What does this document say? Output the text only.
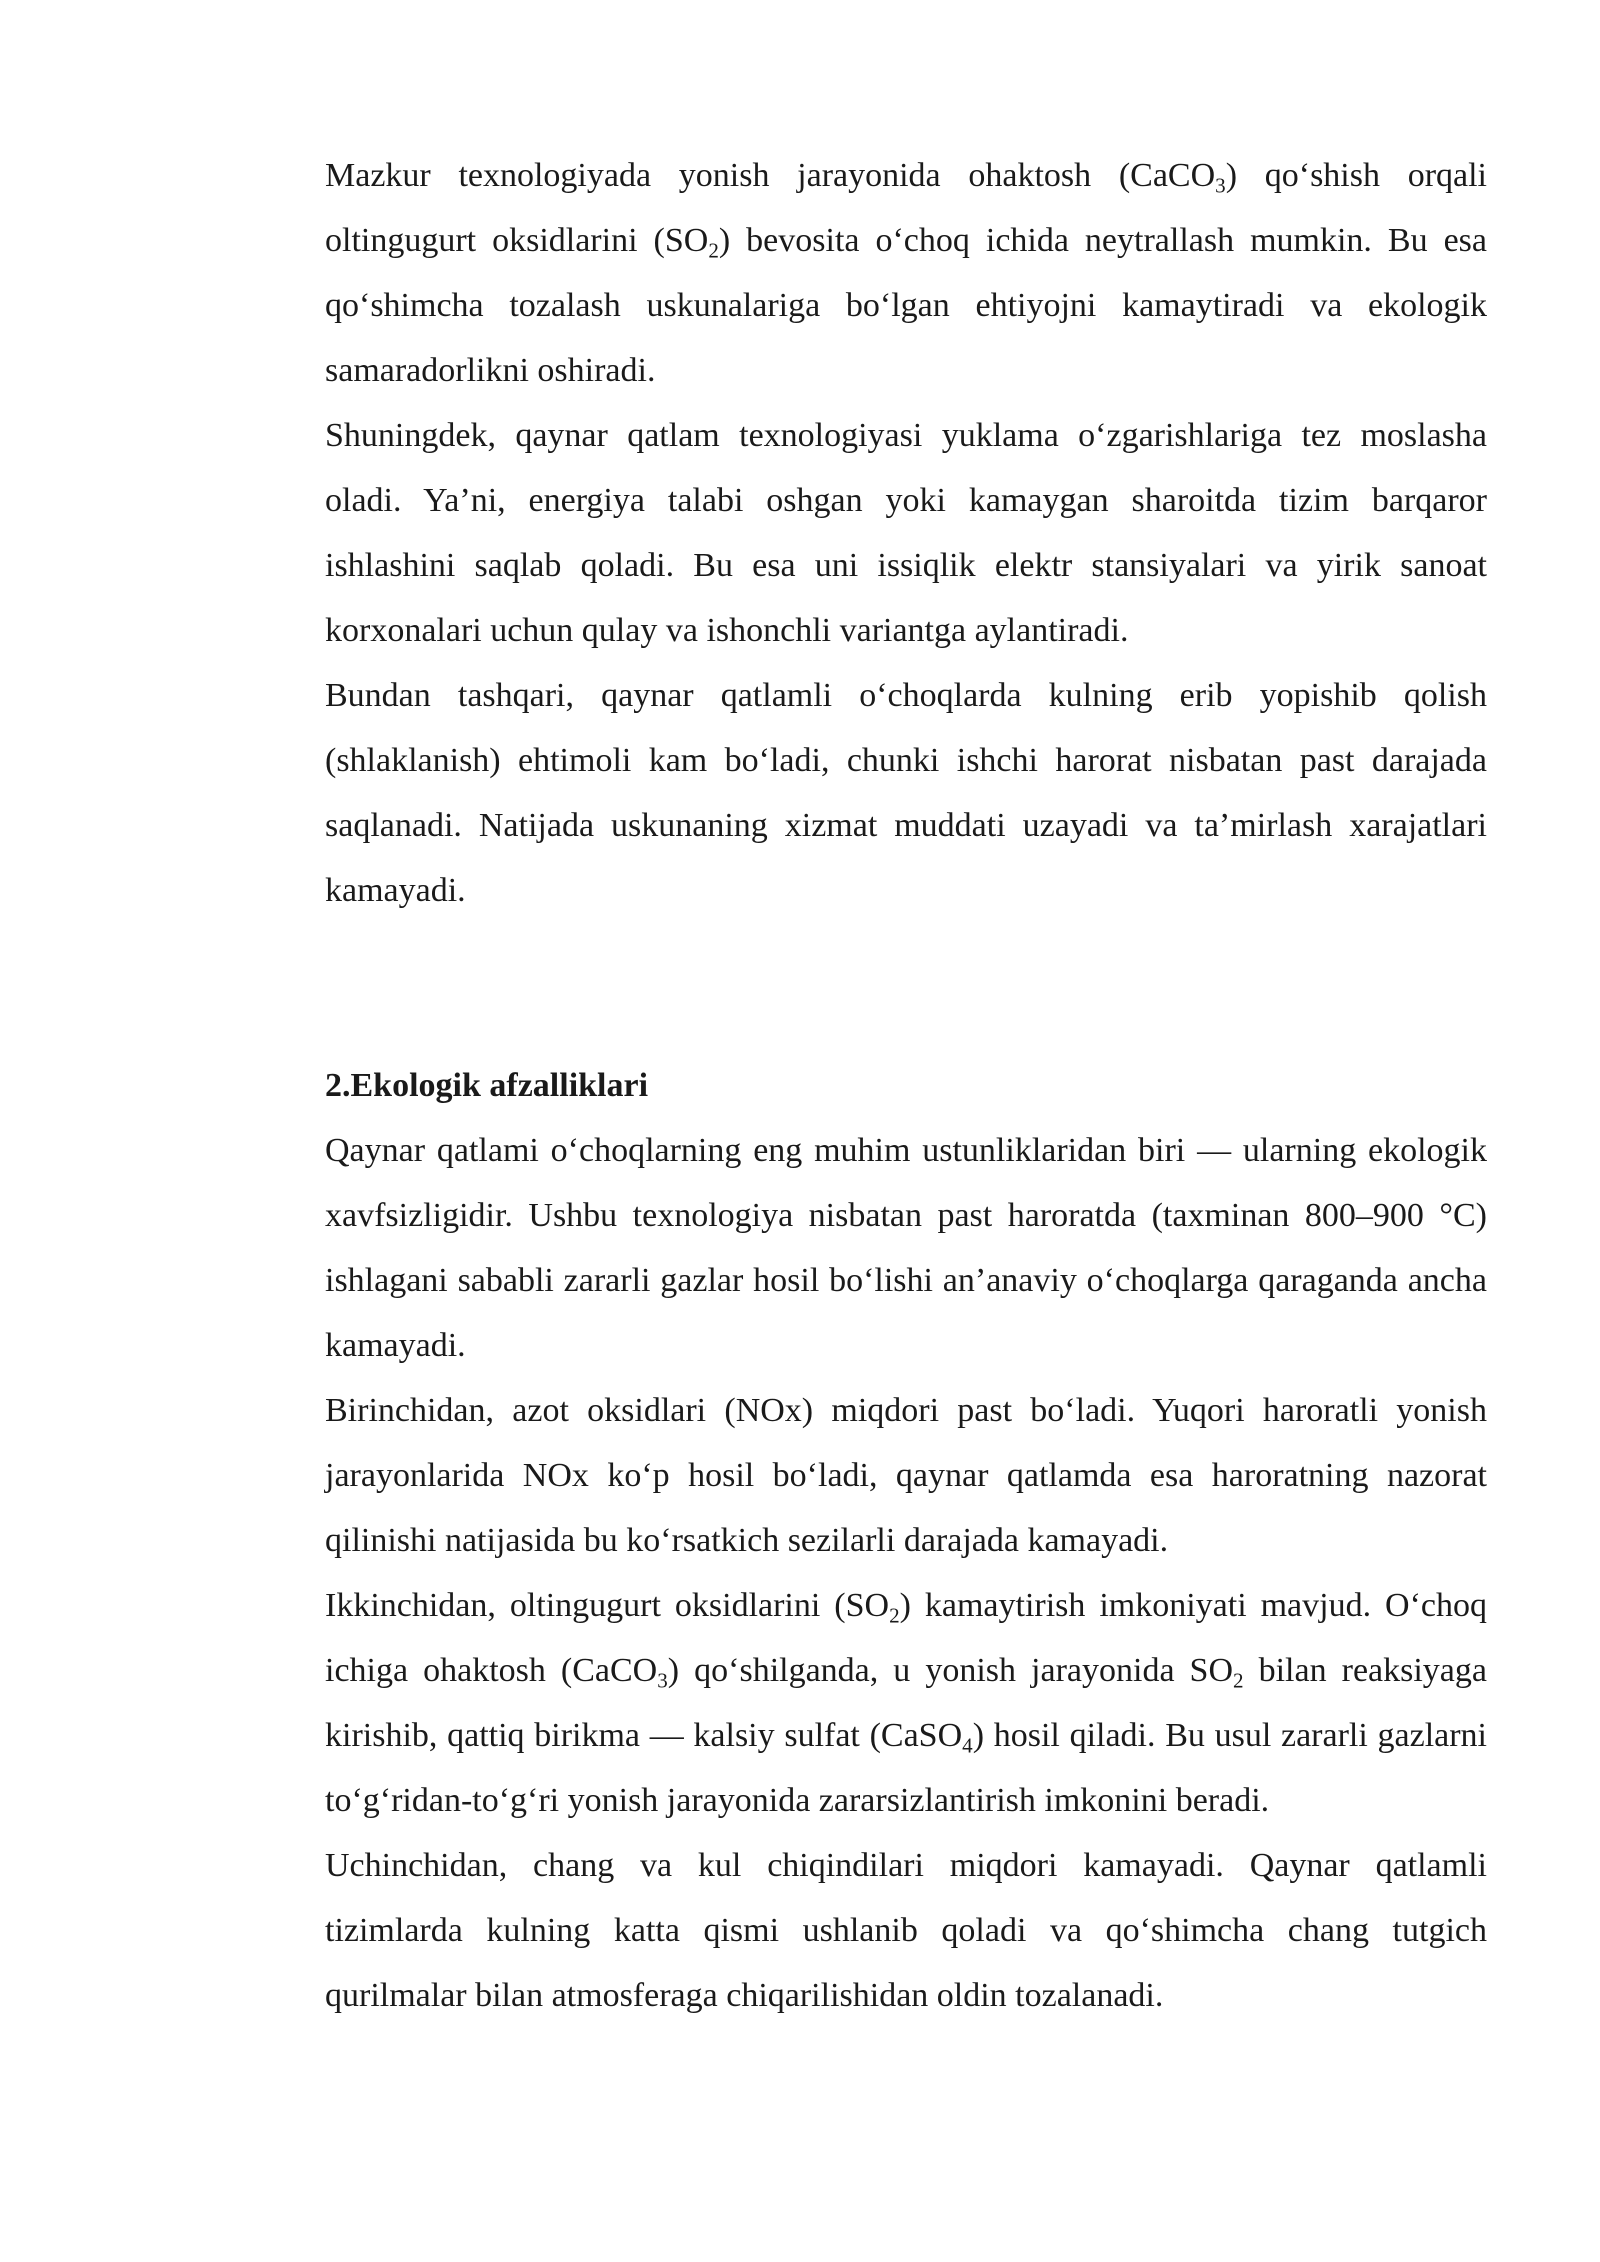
Mazkur texnologiyada yonish jarayonida ohaktosh (CaCO$_3$) qo‘shish orqali oltingugurt oksidlarini $(SO_2)$ bevosita o‘choq ichida neytrallash mumkin. Bu esa qo‘shimcha tozalash uskunalariga bo‘lgan ehtiyojni kamaytiradi va ekologik samaradorlikni oshiradi.

Shuningdek, qaynar qatlam texnologiyasi yuklama o‘zgarishlariga tez moslasha oladi. Ya’ni, energiya talabi oshgan yoki kamaygan sharoitda tizim barqaror ishlashini saqlab qoladi. Bu esa uni issiqlik elektr stansiyalari va yirik sanoat korxonalari uchun qulay va ishonchli variantga aylantiradi.

Bundan tashqari, qaynar qatlamli o‘choqlarda kulning erib yopishib qolish (shlaklanish) ehtimoli kam bo‘ladi, chunki ishchi harorat nisbatan past darajada saqlanadi. Natijada uskunaning xizmat muddati uzayadi va ta’mirlash xarajatlari kamayadi.

2.Ekologik afzalliklari

Qaynar qatlami o‘choqlarning eng muhim ustunliklaridan biri — ularning ekologik xavfsizligidir. Ushbu texnologiya nisbatan past haroratda (taxminan 800–900 °C) ishlagani sababli zararli gazlar hosil bo‘lishi an’anaviy o‘choqlarga qaraganda ancha kamayadi.

Birinchidan, azot oksidlari (NOx) miqdori past bo‘ladi. Yuqori haroratli yonish jarayonlarida NOx ko‘p hosil bo‘ladi, qaynar qatlamda esa haroratning nazorat qilinishi natijasida bu ko‘rsatkich sezilarli darajada kamayadi.

Ikkinchidan, oltingugurt oksidlarini $(SO_2)$ kamaytirish imkoniyati mavjud. O‘choq ichiga ohaktosh (CaCO$_3$) qo‘shilganda, u yonish jarayonida $SO_2$ bilan reaksiyaga kirishib, qattiq birikma — kalsiy sulfat (CaSO$_4$) hosil qiladi. Bu usul zararli gazlarni to‘g‘ridan-to‘g‘ri yonish jarayonida zararsizlantirish imkonini beradi.

Uchinchidan, chang va kul chiqindilari miqdori kamayadi. Qaynar qatlamli tizimlarda kulning katta qismi ushlanib qoladi va qo‘shimcha chang tutgich qurilmalar bilan atmosferaga chiqarilishidan oldin tozalanadi.
